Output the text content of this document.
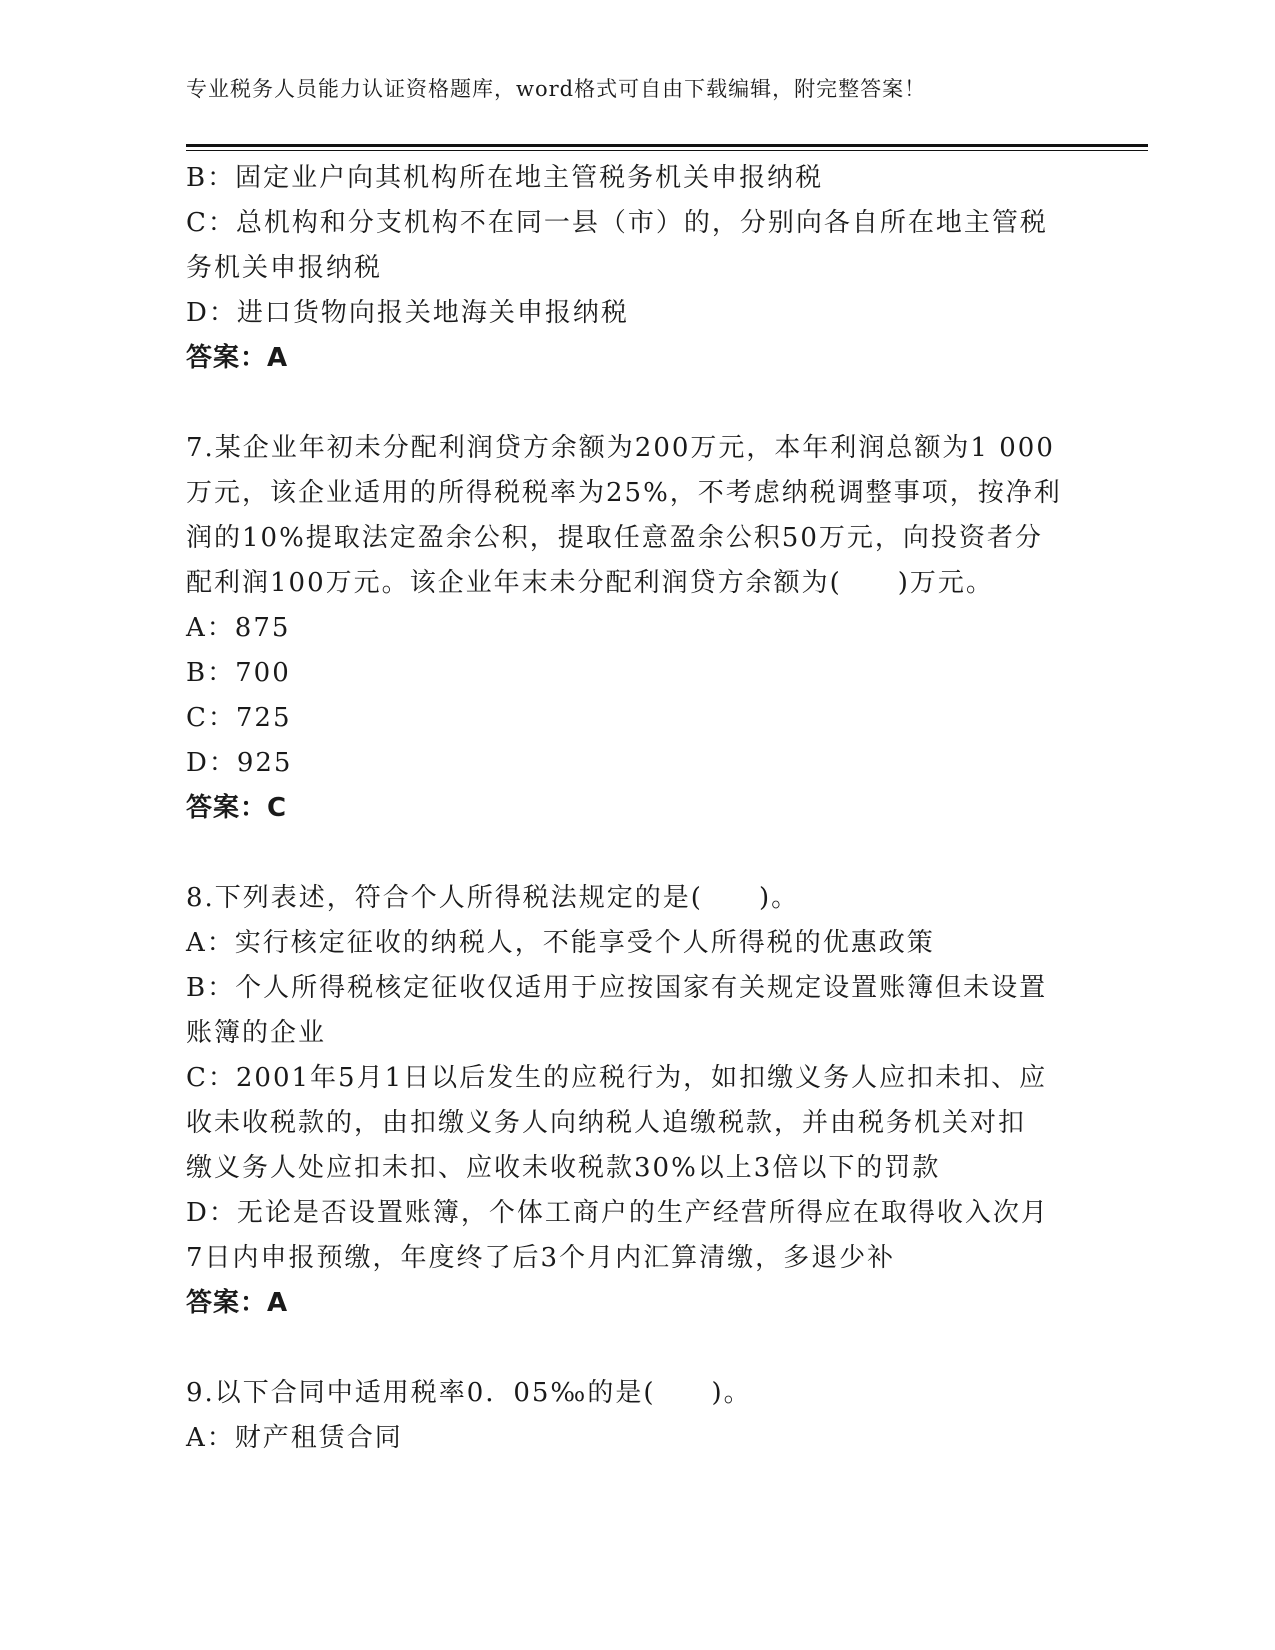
专业税务人员能力认证资格题库，word格式可自由下载编辑，附完整答案！
B：固定业户向其机构所在地主管税务机关申报纳税
C：总机构和分支机构不在同一县（市）的，分别向各自所在地主管税
务机关申报纳税
D：进口货物向报关地海关申报纳税
答案：A
7.某企业年初未分配利润贷方余额为200万元，本年利润总额为1 000
万元，该企业适用的所得税税率为25%，不考虑纳税调整事项，按净利
润的10%提取法定盈余公积，提取任意盈余公积50万元，向投资者分
配利润100万元。该企业年末未分配利润贷方余额为(　　)万元。
A：875
B：700
C：725
D：925
答案：C
8.下列表述，符合个人所得税法规定的是(　　)。
A：实行核定征收的纳税人，不能享受个人所得税的优惠政策
B：个人所得税核定征收仅适用于应按国家有关规定设置账簿但未设置
账簿的企业
C：2001年5月1日以后发生的应税行为，如扣缴义务人应扣未扣、应
收未收税款的，由扣缴义务人向纳税人追缴税款，并由税务机关对扣
缴义务人处应扣未扣、应收未收税款30%以上3倍以下的罚款
D：无论是否设置账簿，个体工商户的生产经营所得应在取得收入次月
7日内申报预缴，年度终了后3个月内汇算清缴，多退少补
答案：A
9.以下合同中适用税率0．05‰的是(　　)。
A：财产租赁合同
